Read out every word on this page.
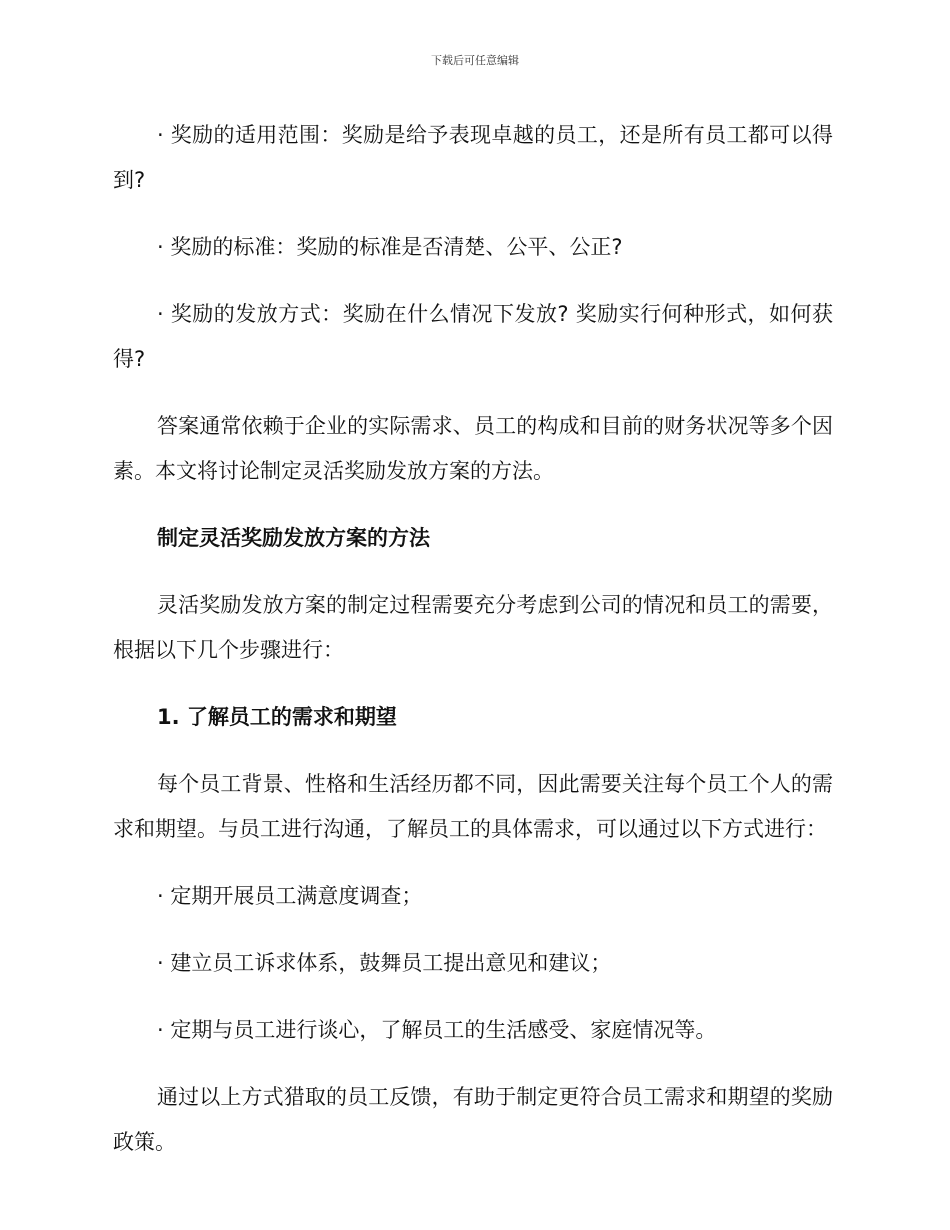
下载后可任意编辑

· 奖励的适用范围：奖励是给予表现卓越的员工，还是所有员工都可以得到?

· 奖励的标准：奖励的标准是否清楚、公平、公正?

· 奖励的发放方式：奖励在什么情况下发放? 奖励实行何种形式，如何获得?

答案通常依赖于企业的实际需求、员工的构成和目前的财务状况等多个因素。本文将讨论制定灵活奖励发放方案的方法。

制定灵活奖励发放方案的方法

灵活奖励发放方案的制定过程需要充分考虑到公司的情况和员工的需要，根据以下几个步骤进行：

1. 了解员工的需求和期望

每个员工背景、性格和生活经历都不同，因此需要关注每个员工个人的需求和期望。与员工进行沟通，了解员工的具体需求，可以通过以下方式进行：

· 定期开展员工满意度调查；

· 建立员工诉求体系，鼓舞员工提出意见和建议；

· 定期与员工进行谈心，了解员工的生活感受、家庭情况等。

通过以上方式猎取的员工反馈，有助于制定更符合员工需求和期望的奖励政策。
